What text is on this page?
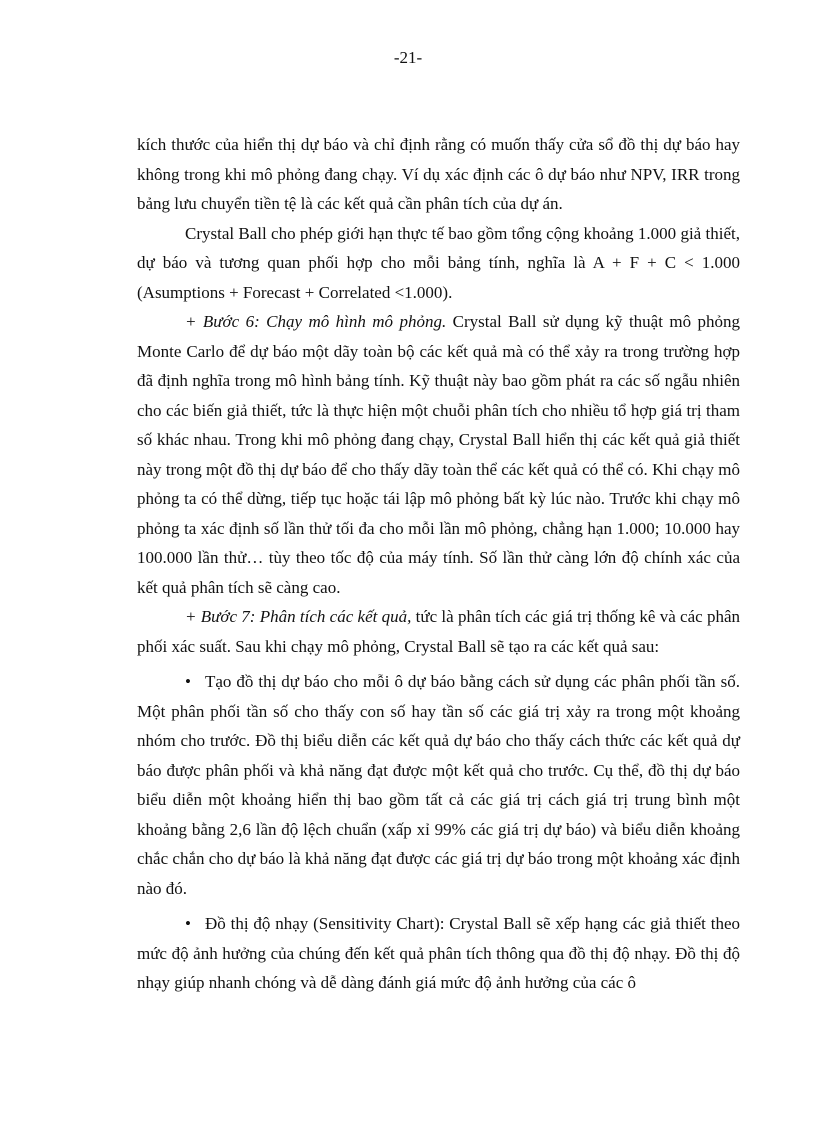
-21-

kích thước của hiển thị dự báo và chỉ định rằng có muốn thấy cửa sổ đồ thị dự báo hay không trong khi mô phỏng đang chạy. Ví dụ xác định các ô dự báo như NPV, IRR trong bảng lưu chuyển tiền tệ là các kết quả cần phân tích của dự án.

Crystal Ball cho phép giới hạn thực tế bao gồm tổng cộng khoảng 1.000 giả thiết, dự báo và tương quan phối hợp cho mỗi bảng tính, nghĩa là A + F + C < 1.000 (Asumptions + Forecast + Correlated <1.000).

+ Bước 6: Chạy mô hình mô phỏng. Crystal Ball sử dụng kỹ thuật mô phỏng Monte Carlo để dự báo một dãy toàn bộ các kết quả mà có thể xảy ra trong trường hợp đã định nghĩa trong mô hình bảng tính. Kỹ thuật này bao gồm phát ra các số ngẫu nhiên cho các biến giả thiết, tức là thực hiện một chuỗi phân tích cho nhiều tổ hợp giá trị tham số khác nhau. Trong khi mô phỏng đang chạy, Crystal Ball hiển thị các kết quả giả thiết này trong một đồ thị dự báo để cho thấy dãy toàn thể các kết quả có thể có. Khi chạy mô phỏng ta có thể dừng, tiếp tục hoặc tái lập mô phỏng bất kỳ lúc nào. Trước khi chạy mô phỏng ta xác định số lần thử tối đa cho mỗi lần mô phỏng, chẳng hạn 1.000; 10.000 hay 100.000 lần thử… tùy theo tốc độ của máy tính. Số lần thử càng lớn độ chính xác của kết quả phân tích sẽ càng cao.

+ Bước 7: Phân tích các kết quả, tức là phân tích các giá trị thống kê và các phân phối xác suất. Sau khi chạy mô phỏng, Crystal Ball sẽ tạo ra các kết quả sau:

• Tạo đồ thị dự báo cho mỗi ô dự báo bằng cách sử dụng các phân phối tần số. Một phân phối tần số cho thấy con số hay tần số các giá trị xảy ra trong một khoảng nhóm cho trước. Đồ thị biểu diễn các kết quả dự báo cho thấy cách thức các kết quả dự báo được phân phối và khả năng đạt được một kết quả cho trước. Cụ thể, đồ thị dự báo biểu diễn một khoảng hiển thị bao gồm tất cả các giá trị cách giá trị trung bình một khoảng bằng 2,6 lần độ lệch chuẩn (xấp xỉ 99% các giá trị dự báo) và biểu diễn khoảng chắc chắn cho dự báo là khả năng đạt được các giá trị dự báo trong một khoảng xác định nào đó.

• Đồ thị độ nhạy (Sensitivity Chart): Crystal Ball sẽ xếp hạng các giả thiết theo mức độ ảnh hưởng của chúng đến kết quả phân tích thông qua đồ thị độ nhạy. Đồ thị độ nhạy giúp nhanh chóng và dễ dàng đánh giá mức độ ảnh hưởng của các ô
